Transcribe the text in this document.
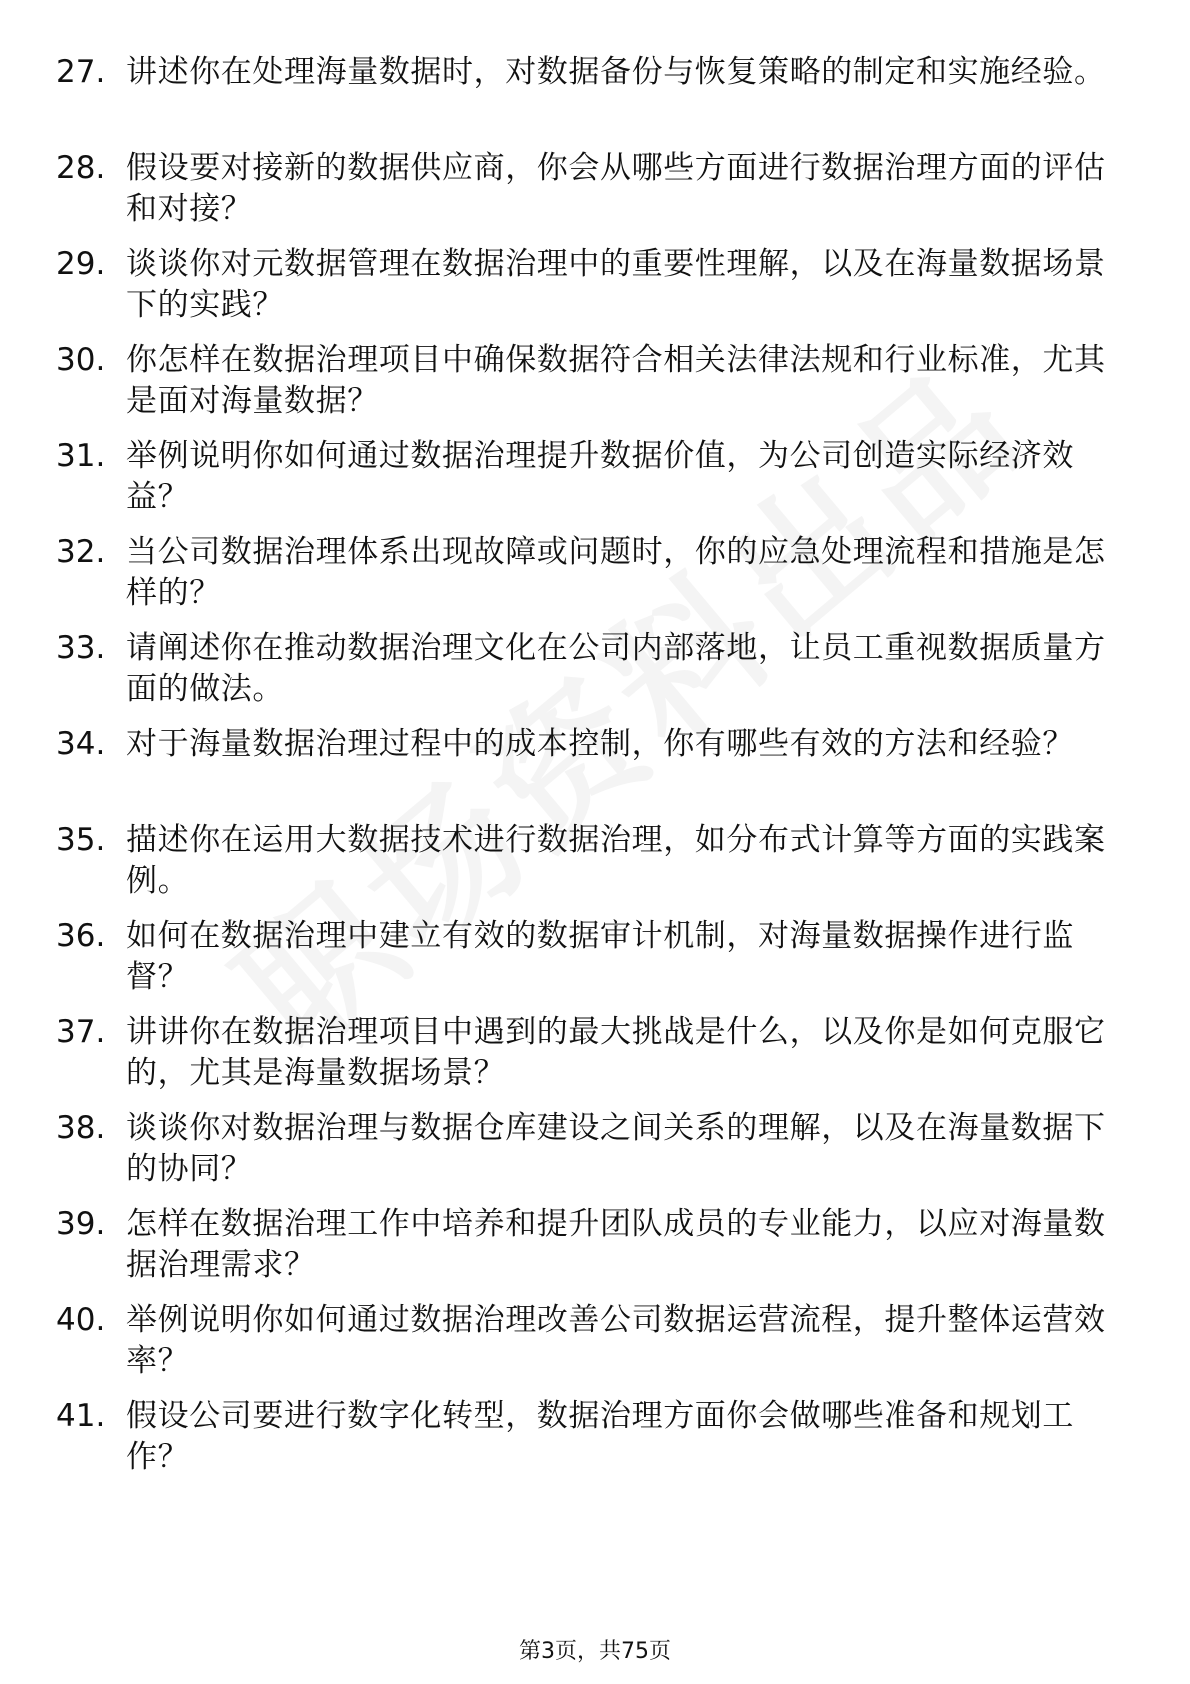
27. 讲述你在处理海量数据时，对数据备份与恢复策略的制定和实施经验。
28. 假设要对接新的数据供应商，你会从哪些方面进行数据治理方面的评估和对接？
29. 谈谈你对元数据管理在数据治理中的重要性理解，以及在海量数据场景下的实践？
30. 你怎样在数据治理项目中确保数据符合相关法律法规和行业标准，尤其是面对海量数据？
31. 举例说明你如何通过数据治理提升数据价值，为公司创造实际经济效益？
32. 当公司数据治理体系出现故障或问题时，你的应急处理流程和措施是怎样的？
33. 请阐述你在推动数据治理文化在公司内部落地，让员工重视数据质量方面的做法。
34. 对于海量数据治理过程中的成本控制，你有哪些有效的方法和经验？
35. 描述你在运用大数据技术进行数据治理，如分布式计算等方面的实践案例。
36. 如何在数据治理中建立有效的数据审计机制，对海量数据操作进行监督？
37. 讲讲你在数据治理项目中遇到的最大挑战是什么，以及你是如何克服它的，尤其是海量数据场景？
38. 谈谈你对数据治理与数据仓库建设之间关系的理解，以及在海量数据下的协同？
39. 怎样在数据治理工作中培养和提升团队成员的专业能力，以应对海量数据治理需求？
40. 举例说明你如何通过数据治理改善公司数据运营流程，提升整体运营效率？
41. 假设公司要进行数字化转型，数据治理方面你会做哪些准备和规划工作？
第3页，共75页
